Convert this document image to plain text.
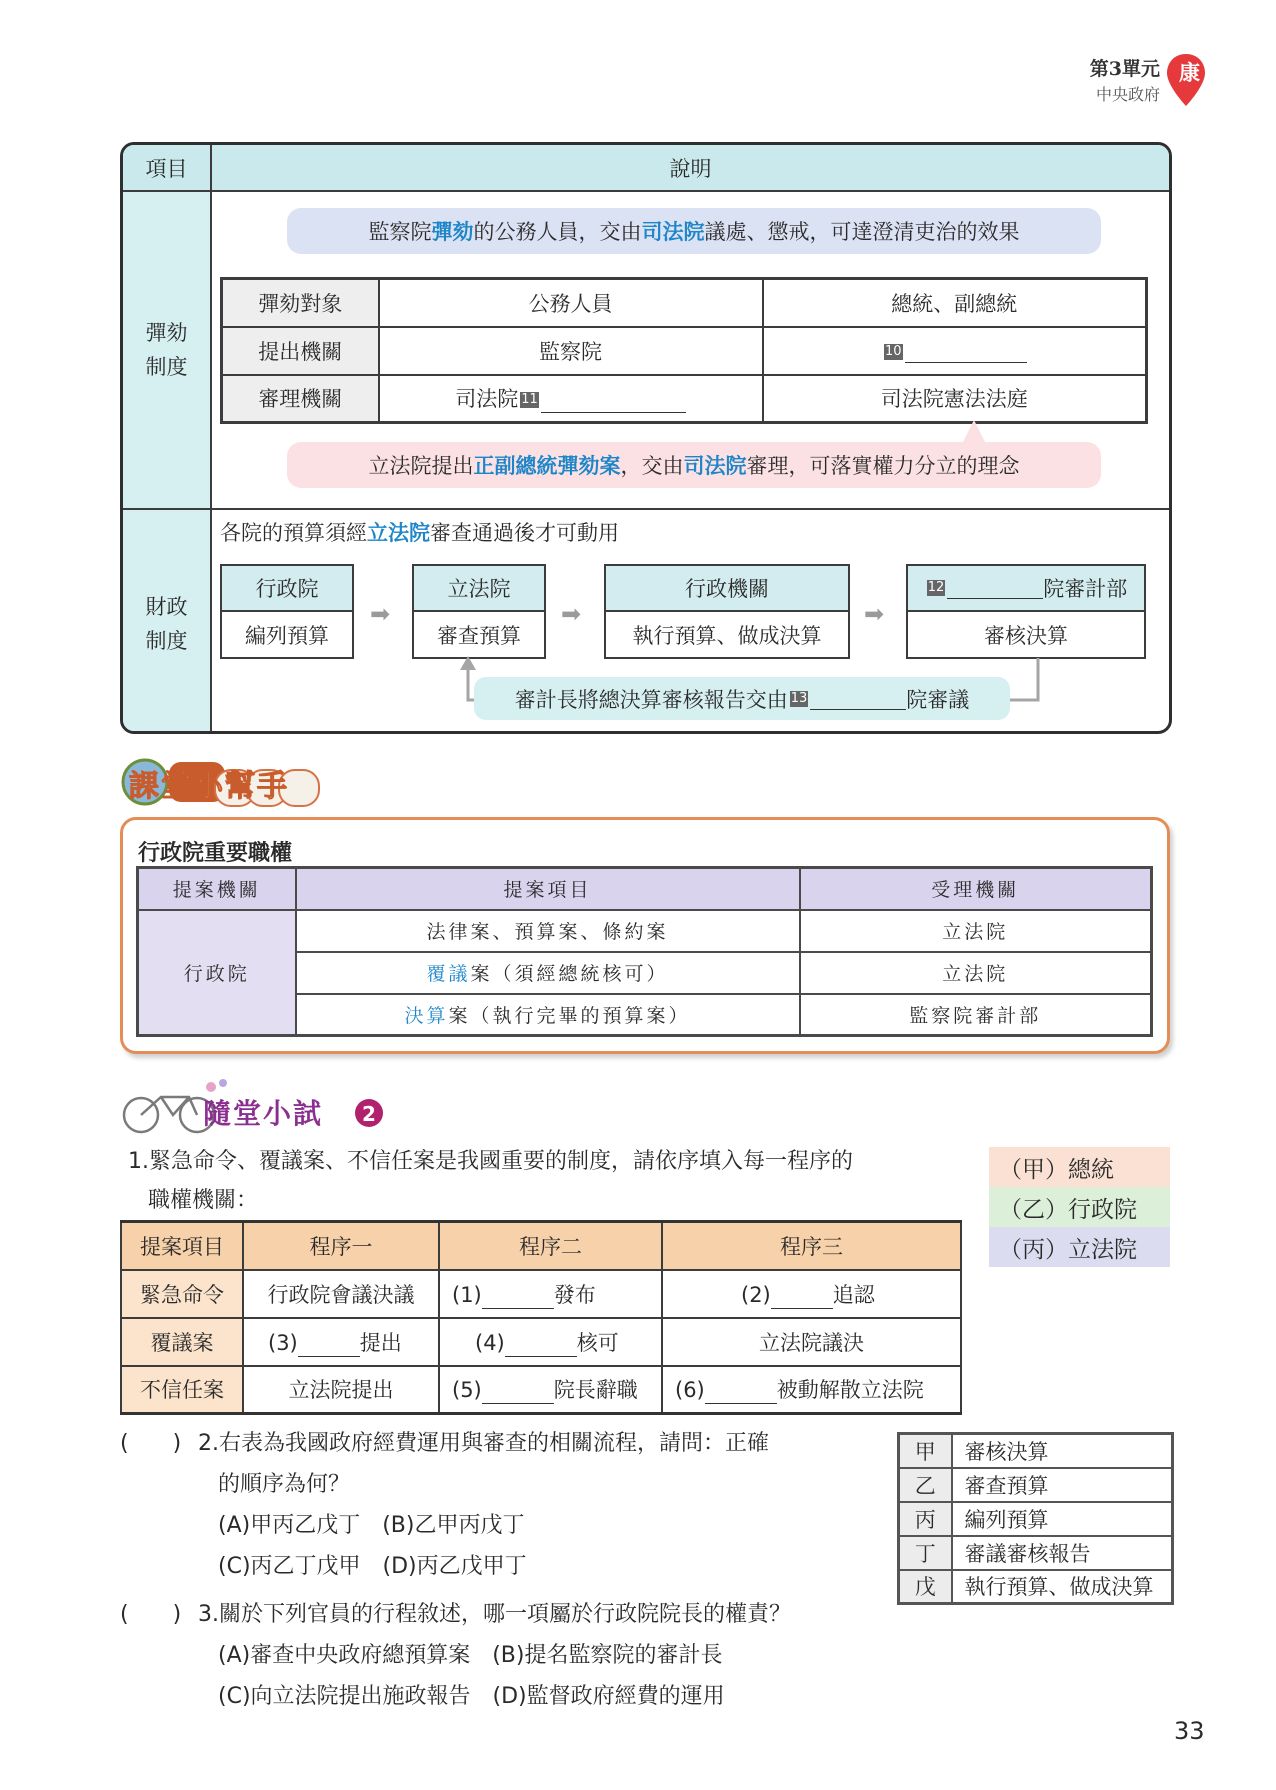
第3單元
中央政府
康
項目	說明
彈劾
制度
財政
制度
監察院 彈劾 的公務人員，交由 司法院 議處、懲戒，可達澄清吏治的效果
彈劾對象	公務人員	總統、副總統
提出機關	監察院	10
審理機關	司法院 11	司法院憲法法庭
立法院提出 正副總統彈劾案 ，交由 司法院 審理，可落實權力分立的理念
各院的預算須經立法院審查通過後才可動用
行政院
編列預算
➡
立法院
審查預算
➡
行政機關
執行預算、做成決算
➡
12	院審計部
審核決算
審計長將總決算審核報告交由 13	院審議
課堂小幫手
行政院重要職權
提案機關	提案項目	受理機關
行政院	法律案、預算案、條約案	立法院
	覆議案（須經總統核可）	立法院
	決算案（執行完畢的預算案）	監察院審計部
隨堂小試 2
1.緊急命令、覆議案、不信任案是我國重要的制度，請依序填入每一程序的
職權機關：
（甲）總統
（乙）行政院
（丙）立法院
提案項目	程序一	程序二	程序三
緊急命令	行政院會議決議	(1) 發布	(2) 追認
覆議案	(3) 提出	(4) 核可	立法院議決
不信任案	立法院提出	(5) 院長辭職	(6) 被動解散立法院
(　　) 2.右表為我國政府經費運用與審查的相關流程，請問：正確
的順序為何？
(A)甲丙乙戊丁　(B)乙甲丙戊丁
(C)丙乙丁戊甲　(D)丙乙戊甲丁
甲	審核決算
乙	審查預算
丙	編列預算
丁	審議審核報告
戊	執行預算、做成決算
(　　) 3.關於下列官員的行程敘述，哪一項屬於行政院院長的權責？
(A)審查中央政府總預算案　(B)提名監察院的審計長
(C)向立法院提出施政報告　(D)監督政府經費的運用
33
